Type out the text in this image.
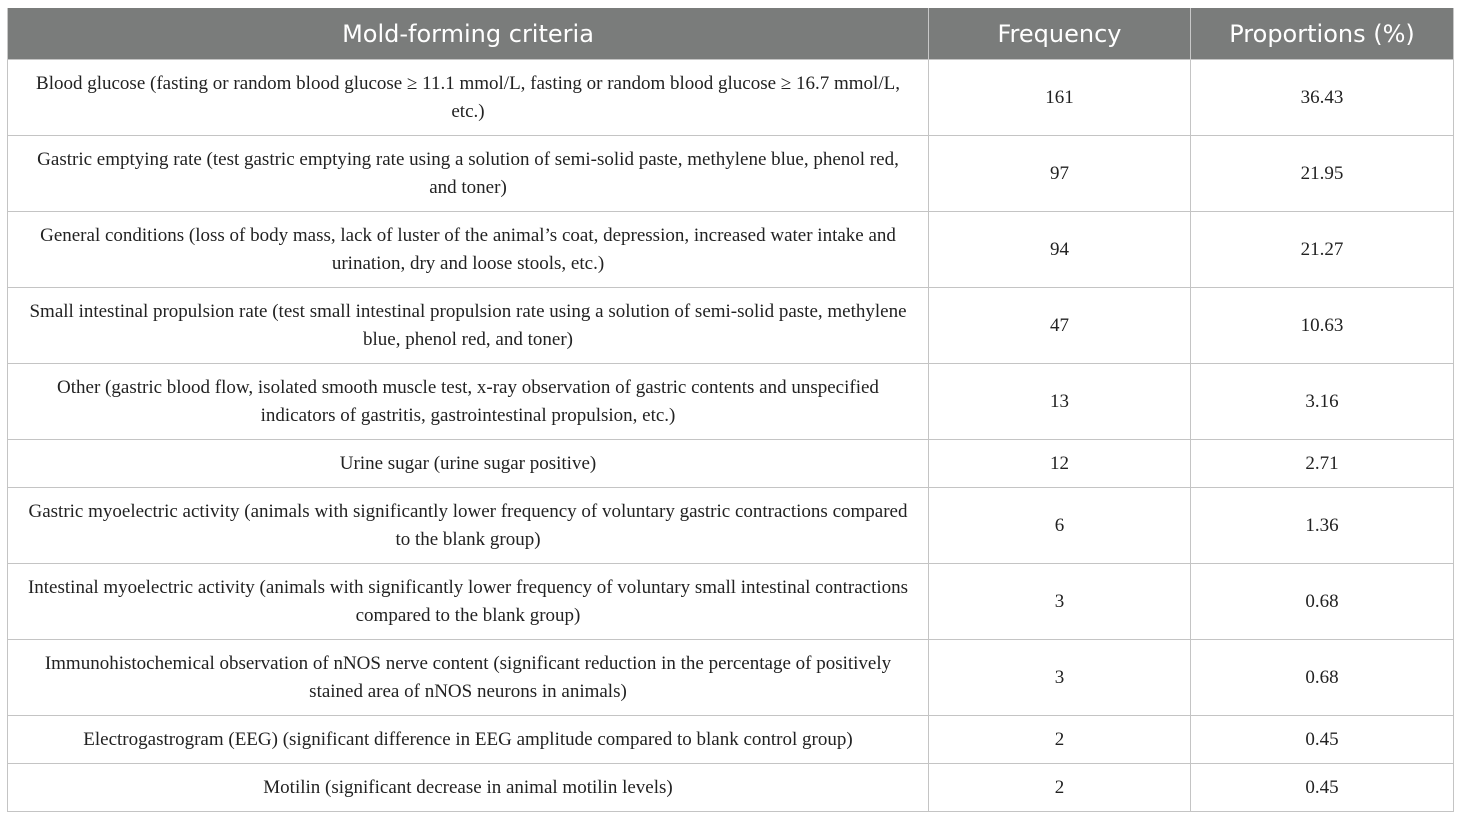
Mold-forming criteria	Frequency	Proportions (%)
Blood glucose (fasting or random blood glucose ≥ 11.1 mmol/L, fasting or random blood glucose ≥ 16.7 mmol/L, etc.)	161	36.43
Gastric emptying rate (test gastric emptying rate using a solution of semi-solid paste, methylene blue, phenol red, and toner)	97	21.95
General conditions (loss of body mass, lack of luster of the animal’s coat, depression, increased water intake and urination, dry and loose stools, etc.)	94	21.27
Small intestinal propulsion rate (test small intestinal propulsion rate using a solution of semi-solid paste, methylene blue, phenol red, and toner)	47	10.63
Other (gastric blood flow, isolated smooth muscle test, x-ray observation of gastric contents and unspecified indicators of gastritis, gastrointestinal propulsion, etc.)	13	3.16
Urine sugar (urine sugar positive)	12	2.71
Gastric myoelectric activity (animals with significantly lower frequency of voluntary gastric contractions compared to the blank group)	6	1.36
Intestinal myoelectric activity (animals with significantly lower frequency of voluntary small intestinal contractions compared to the blank group)	3	0.68
Immunohistochemical observation of nNOS nerve content (significant reduction in the percentage of positively stained area of nNOS neurons in animals)	3	0.68
Electrogastrogram (EEG) (significant difference in EEG amplitude compared to blank control group)	2	0.45
Motilin (significant decrease in animal motilin levels)	2	0.45
